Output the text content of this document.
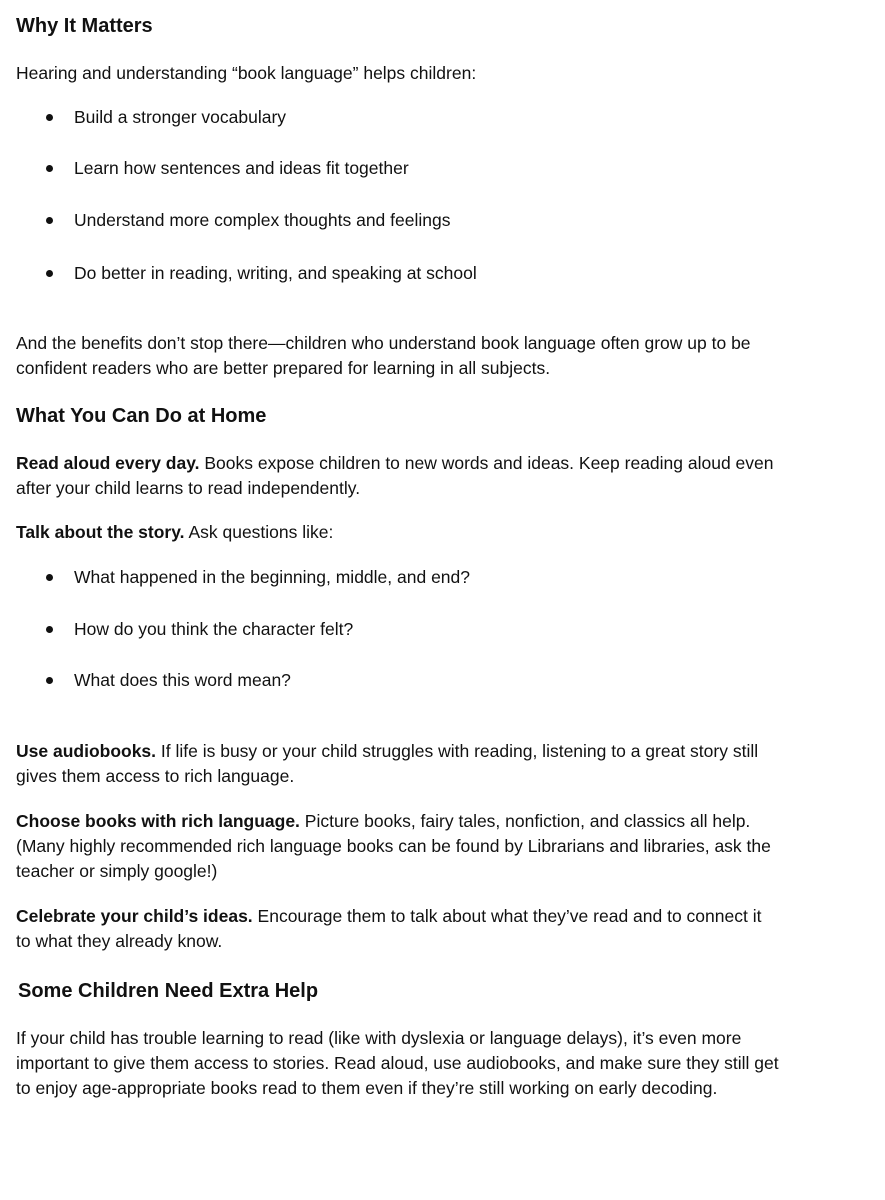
Why It Matters

Hearing and understanding “book language” helps children:

Build a stronger vocabulary
Learn how sentences and ideas fit together
Understand more complex thoughts and feelings
Do better in reading, writing, and speaking at school

And the benefits don’t stop there—children who understand book language often grow up to be
confident readers who are better prepared for learning in all subjects.

What You Can Do at Home

Read aloud every day. Books expose children to new words and ideas. Keep reading aloud even
after your child learns to read independently.

Talk about the story. Ask questions like:

What happened in the beginning, middle, and end?
How do you think the character felt?
What does this word mean?

Use audiobooks. If life is busy or your child struggles with reading, listening to a great story still
gives them access to rich language.

Choose books with rich language. Picture books, fairy tales, nonfiction, and classics all help.
(Many highly recommended rich language books can be found by Librarians and libraries, ask the
teacher or simply google!)

Celebrate your child’s ideas. Encourage them to talk about what they’ve read and to connect it
to what they already know.

Some Children Need Extra Help

If your child has trouble learning to read (like with dyslexia or language delays), it’s even more
important to give them access to stories. Read aloud, use audiobooks, and make sure they still get
to enjoy age-appropriate books read to them even if they’re still working on early decoding.
